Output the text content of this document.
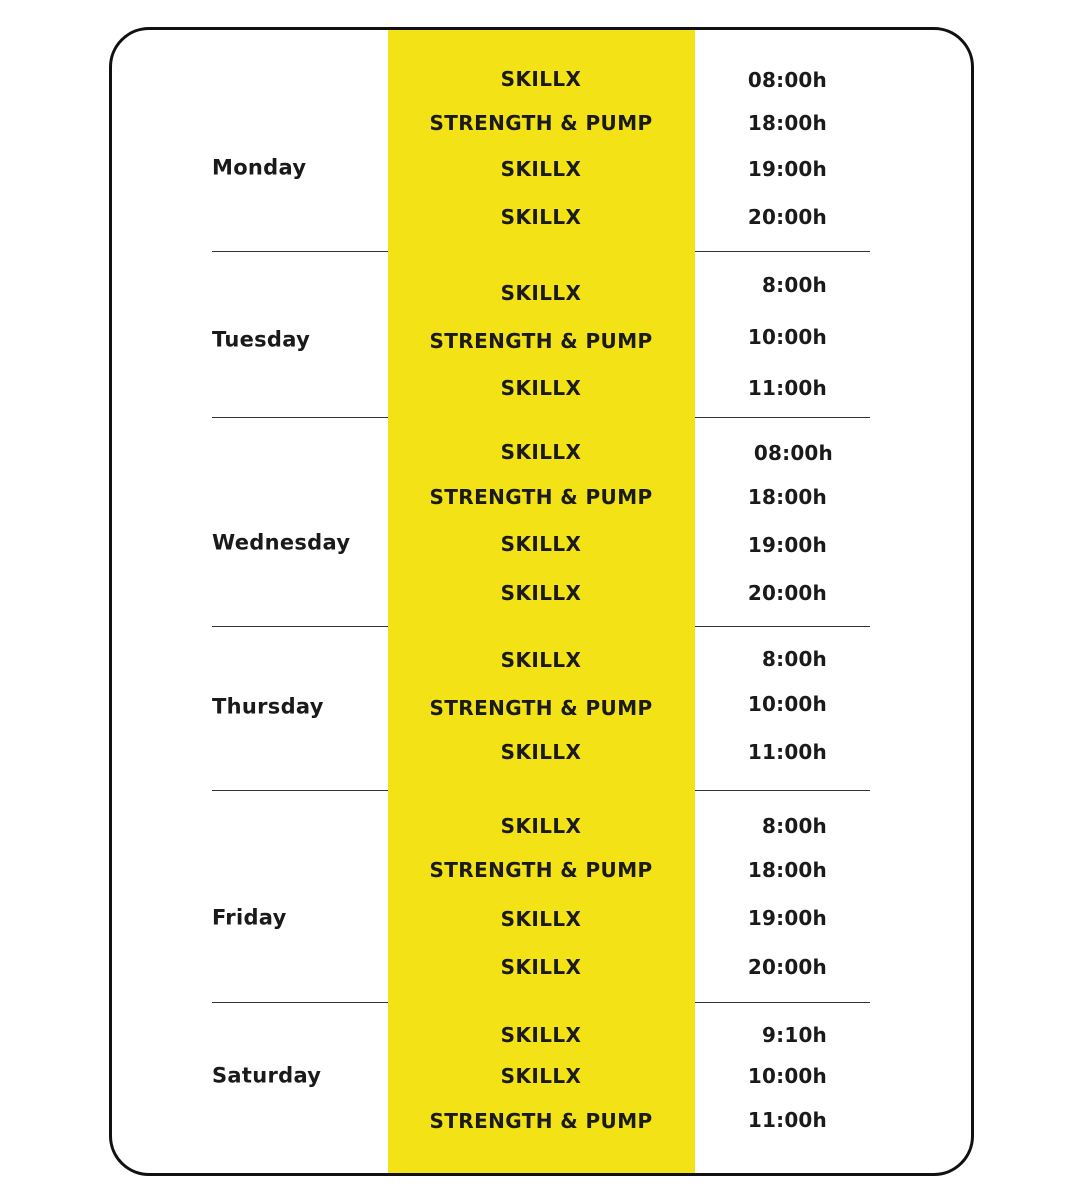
Monday
SKILLX	08:00h
STRENGTH & PUMP	18:00h
SKILLX	19:00h
SKILLX	20:00h
Tuesday
SKILLX	8:00h
STRENGTH & PUMP	10:00h
SKILLX	11:00h
Wednesday
SKILLX	08:00h
STRENGTH & PUMP	18:00h
SKILLX	19:00h
SKILLX	20:00h
Thursday
SKILLX	8:00h
STRENGTH & PUMP	10:00h
SKILLX	11:00h
Friday
SKILLX	8:00h
STRENGTH & PUMP	18:00h
SKILLX	19:00h
SKILLX	20:00h
Saturday
SKILLX	9:10h
SKILLX	10:00h
STRENGTH & PUMP	11:00h
